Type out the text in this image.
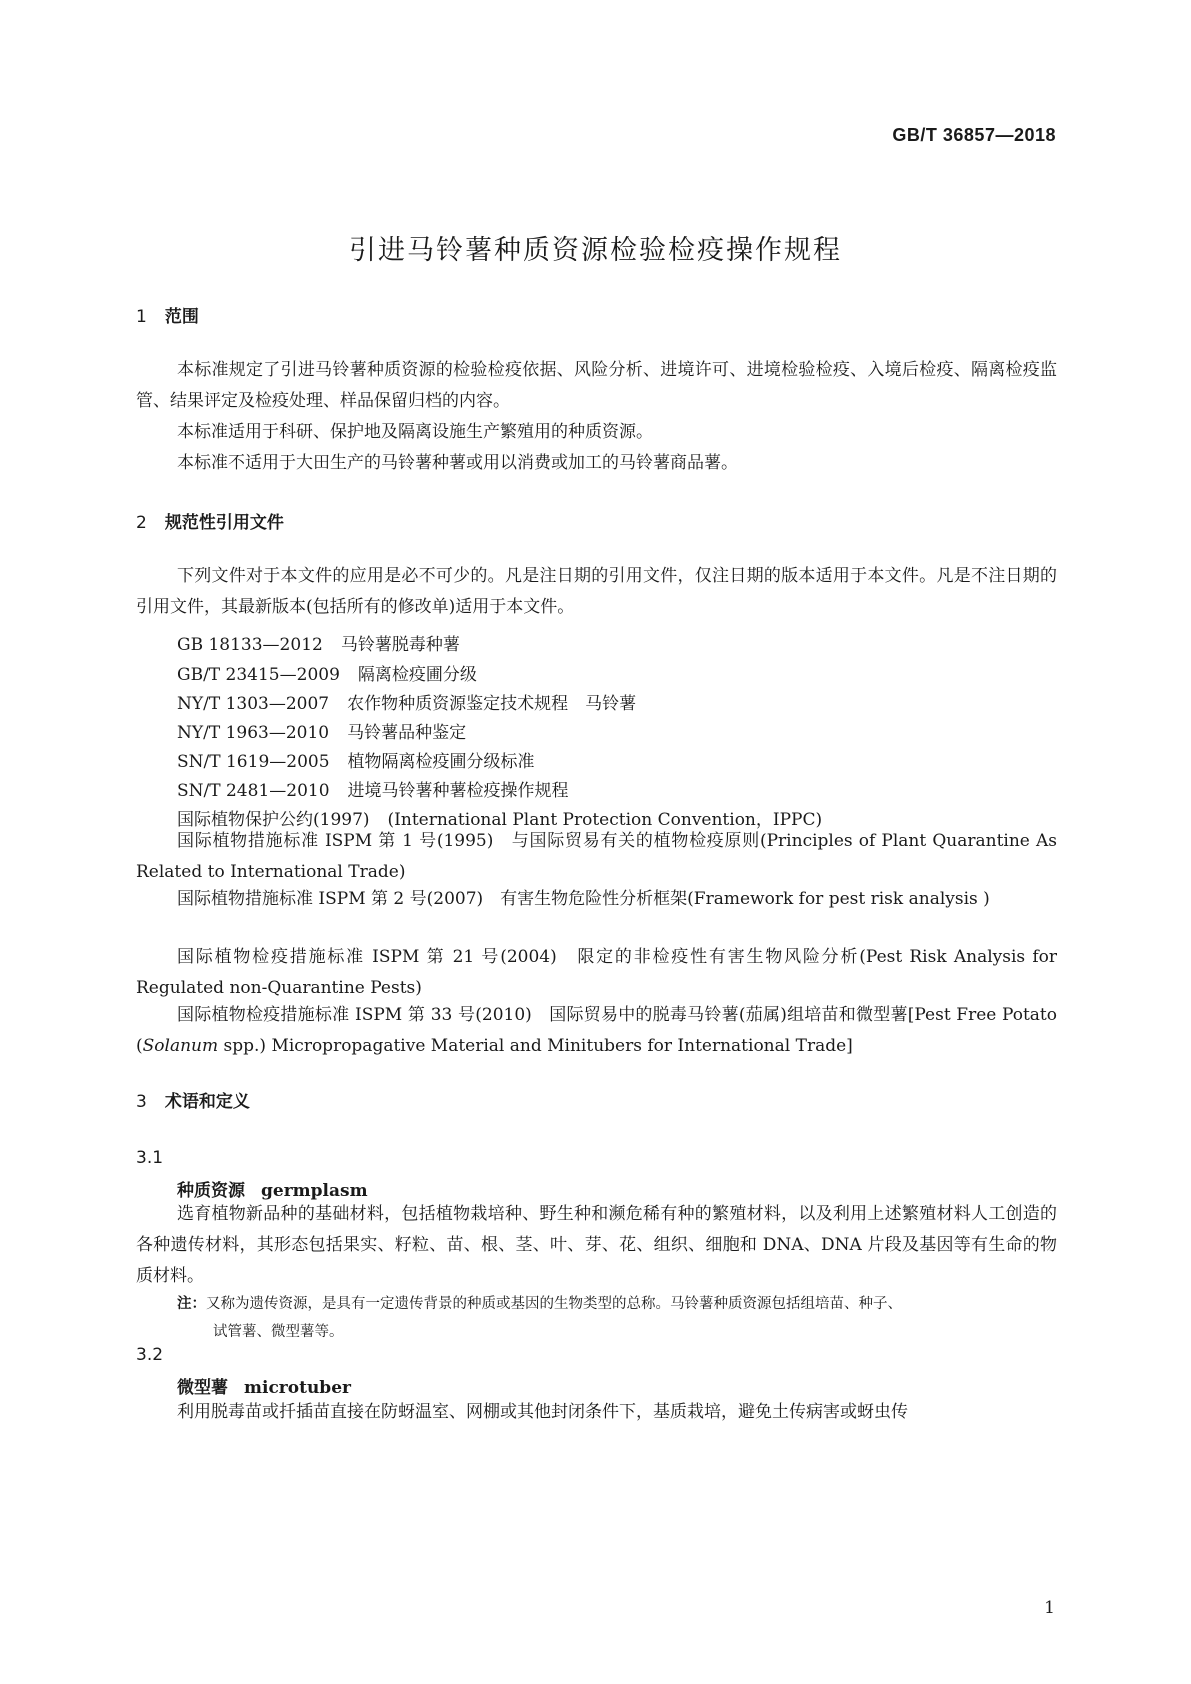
GB/T 36857—2018
引进马铃薯种质资源检验检疫操作规程
1 范围

本标准规定了引进马铃薯种质资源的检验检疫依据、风险分析、进境许可、进境检验检疫、入境后检疫、隔离检疫监管、结果评定及检疫处理、样品保留归档的内容。

本标准适用于科研、保护地及隔离设施生产繁殖用的种质资源。

本标准不适用于大田生产的马铃薯种薯或用以消费或加工的马铃薯商品薯。

2 规范性引用文件

下列文件对于本文件的应用是必不可少的。凡是注日期的引用文件，仅注日期的版本适用于本文件。凡是不注日期的引用文件，其最新版本(包括所有的修改单)适用于本文件。

GB 18133—2012 马铃薯脱毒种薯
GB/T 23415—2009 隔离检疫圃分级
NY/T 1303—2007 农作物种质资源鉴定技术规程　马铃薯
NY/T 1963—2010 马铃薯品种鉴定
SN/T 1619—2005 植物隔离检疫圃分级标准
SN/T 2481—2010 进境马铃薯种薯检疫操作规程
国际植物保护公约(1997) (International Plant Protection Convention，IPPC)

国际植物措施标准 ISPM 第 1 号(1995)　与国际贸易有关的植物检疫原则(Principles of Plant Quarantine As Related to International Trade)

国际植物措施标准 ISPM 第 2 号(2007)　有害生物危险性分析框架(Framework for pest risk analysis )

国际植物检疫措施标准 ISPM 第 21 号(2004)　限定的非检疫性有害生物风险分析(Pest Risk Analysis for Regulated non-Quarantine Pests)

国际植物检疫措施标准 ISPM 第 33 号(2010)　国际贸易中的脱毒马铃薯(茄属)组培苗和微型薯[Pest Free Potato (Solanum spp.) Micropropagative Material and Minitubers for International Trade]

3 术语和定义
3.1
种质资源 germplasm

选育植物新品种的基础材料，包括植物栽培种、野生种和濒危稀有种的繁殖材料，以及利用上述繁殖材料人工创造的各种遗传材料，其形态包括果实、籽粒、苗、根、茎、叶、芽、花、组织、细胞和 DNA、DNA 片段及基因等有生命的物质材料。

注：又称为遗传资源，是具有一定遗传背景的种质或基因的生物类型的总称。马铃薯种质资源包括组培苗、种子、
试管薯、微型薯等。

3.2
微型薯 microtuber

利用脱毒苗或扦插苗直接在防蚜温室、网棚或其他封闭条件下，基质栽培，避免土传病害或蚜虫传

1
